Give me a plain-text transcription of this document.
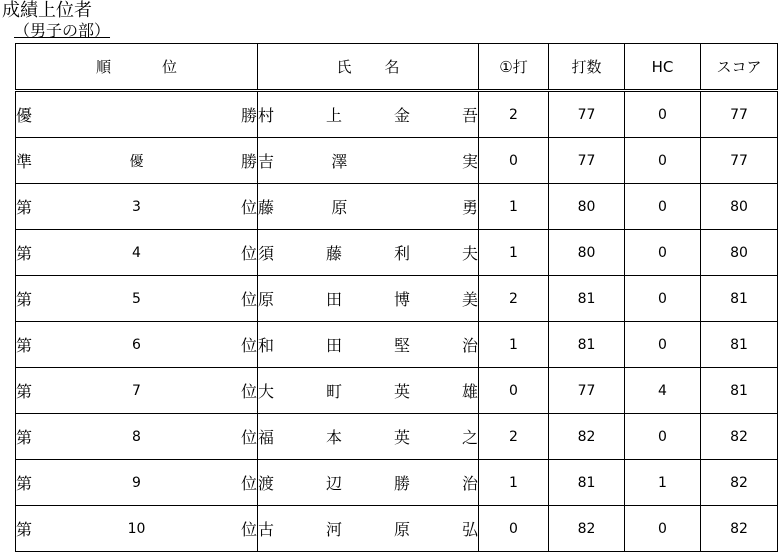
成績上位者
（男子の部）
順 位	氏 名	①打	打数	HC	スコア

優 勝	村 上 金 吾	2	77	0	77

準 優 勝	吉 澤 実	0	77	0	77

第 3 位	藤 原 勇	1	80	0	80

第 4 位	須 藤 利 夫	1	80	0	80

第 5 位	原 田 博 美	2	81	0	81

第 6 位	和 田 堅 治	1	81	0	81

第 7 位	大 町 英 雄	0	77	4	81

第 8 位	福 本 英 之	2	82	0	82

第 9 位	渡 辺 勝 治	1	81	1	82

第 10 位	古 河 原 弘	0	82	0	82
